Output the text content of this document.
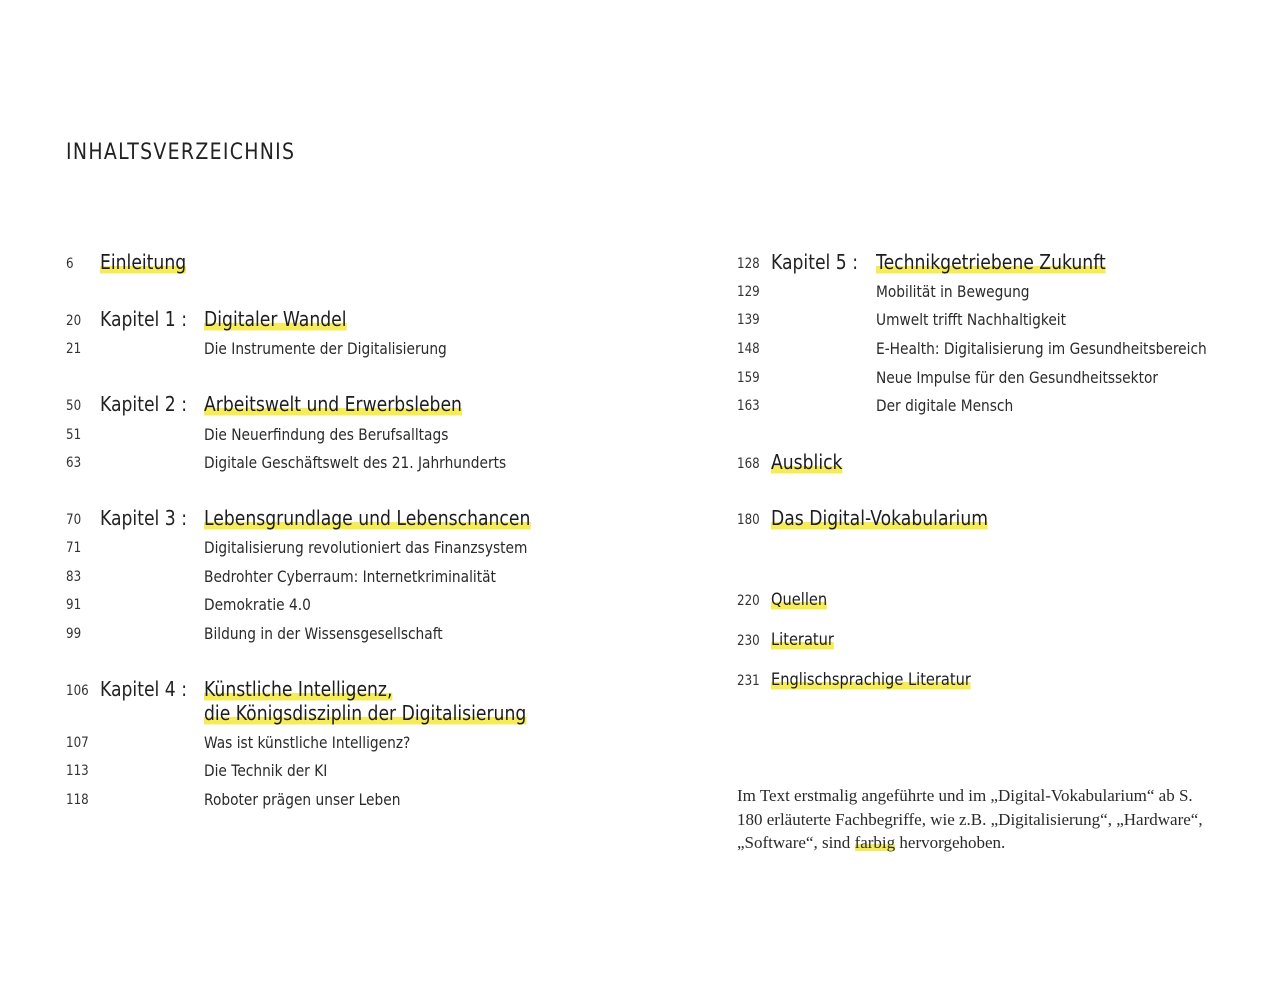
INHALTSVERZEICHNIS
6 Einleitung
20 Kapitel 1 : Digitaler Wandel
21	Die Instrumente der Digitalisierung
50 Kapitel 2 : Arbeitswelt und Erwerbsleben
51	Die Neuerfindung des Berufsalltags
63	Digitale Geschäftswelt des 21. Jahrhunderts
70 Kapitel 3 : Lebensgrundlage und Lebenschancen
71	Digitalisierung revolutioniert das Finanzsystem
83	Bedrohter Cyberraum: Internetkriminalität
91	Demokratie 4.0
99	Bildung in der Wissensgesellschaft
106 Kapitel 4 : Künstliche Intelligenz,
die Königsdisziplin der Digitalisierung
107	Was ist künstliche Intelligenz?
113	Die Technik der KI
118	Roboter prägen unser Leben
128 Kapitel 5 : Technikgetriebene Zukunft
129	Mobilität in Bewegung
139	Umwelt trifft Nachhaltigkeit
148	E-Health: Digitalisierung im Gesundheitsbereich
159	Neue Impulse für den Gesundheitssektor
163	Der digitale Mensch
168 Ausblick
180 Das Digital-Vokabularium
220 Quellen
230 Literatur
231 Englischsprachige Literatur
Im Text erstmalig angeführte und im „Digital-Vokabularium“ ab S. 180 erläuterte Fachbegriffe, wie z.B. „Digitalisierung“, „Hardware“, „Software“, sind farbig hervorgehoben.
